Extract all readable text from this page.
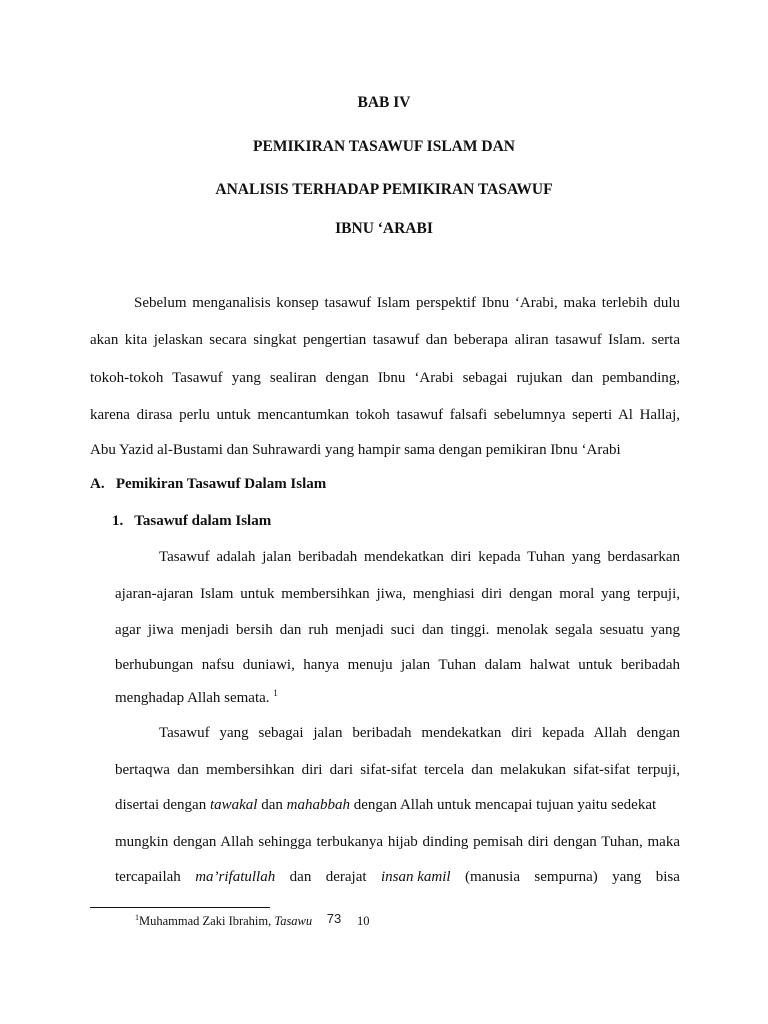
BAB IV
PEMIKIRAN TASAWUF ISLAM DAN
ANALISIS TERHADAP PEMIKIRAN TASAWUF
IBNU ‘ARABI
Sebelum menganalisis konsep tasawuf Islam perspektif Ibnu ‘Arabi, maka terlebih dulu
akan kita jelaskan secara singkat pengertian tasawuf dan beberapa aliran tasawuf Islam. serta
tokoh-tokoh Tasawuf yang sealiran dengan Ibnu ‘Arabi sebagai rujukan dan pembanding,
karena dirasa perlu untuk mencantumkan tokoh tasawuf falsafi sebelumnya seperti Al Hallaj,
Abu Yazid al-Bustami dan Suhrawardi yang hampir sama dengan pemikiran Ibnu ‘Arabi
A.   Pemikiran Tasawuf Dalam Islam
1.   Tasawuf dalam Islam
Tasawuf adalah jalan beribadah mendekatkan diri kepada Tuhan yang berdasarkan
ajaran-ajaran Islam untuk membersihkan jiwa, menghiasi diri dengan moral yang terpuji,
agar jiwa menjadi bersih dan ruh menjadi suci dan tinggi. menolak segala sesuatu yang
berhubungan nafsu duniawi, hanya menuju jalan Tuhan dalam halwat untuk beribadah
menghadap Allah semata. $^1$
Tasawuf yang sebagai jalan beribadah mendekatkan diri kepada Allah dengan
bertaqwa dan membersihkan diri dari sifat-sifat tercela dan melakukan sifat-sifat terpuji,
disertai dengan tawakal dan mahabbah dengan Allah untuk mencapai tujuan yaitu sedekat
mungkin dengan Allah sehingga terbukanya hijab dinding pemisah diri dengan Tuhan, maka
tercapailah ma’rifatullah dan derajat insan kamil (manusia sempurna) yang bisa
$^1$Muhammad Zaki Ibrahim, Tasawu	10
73
